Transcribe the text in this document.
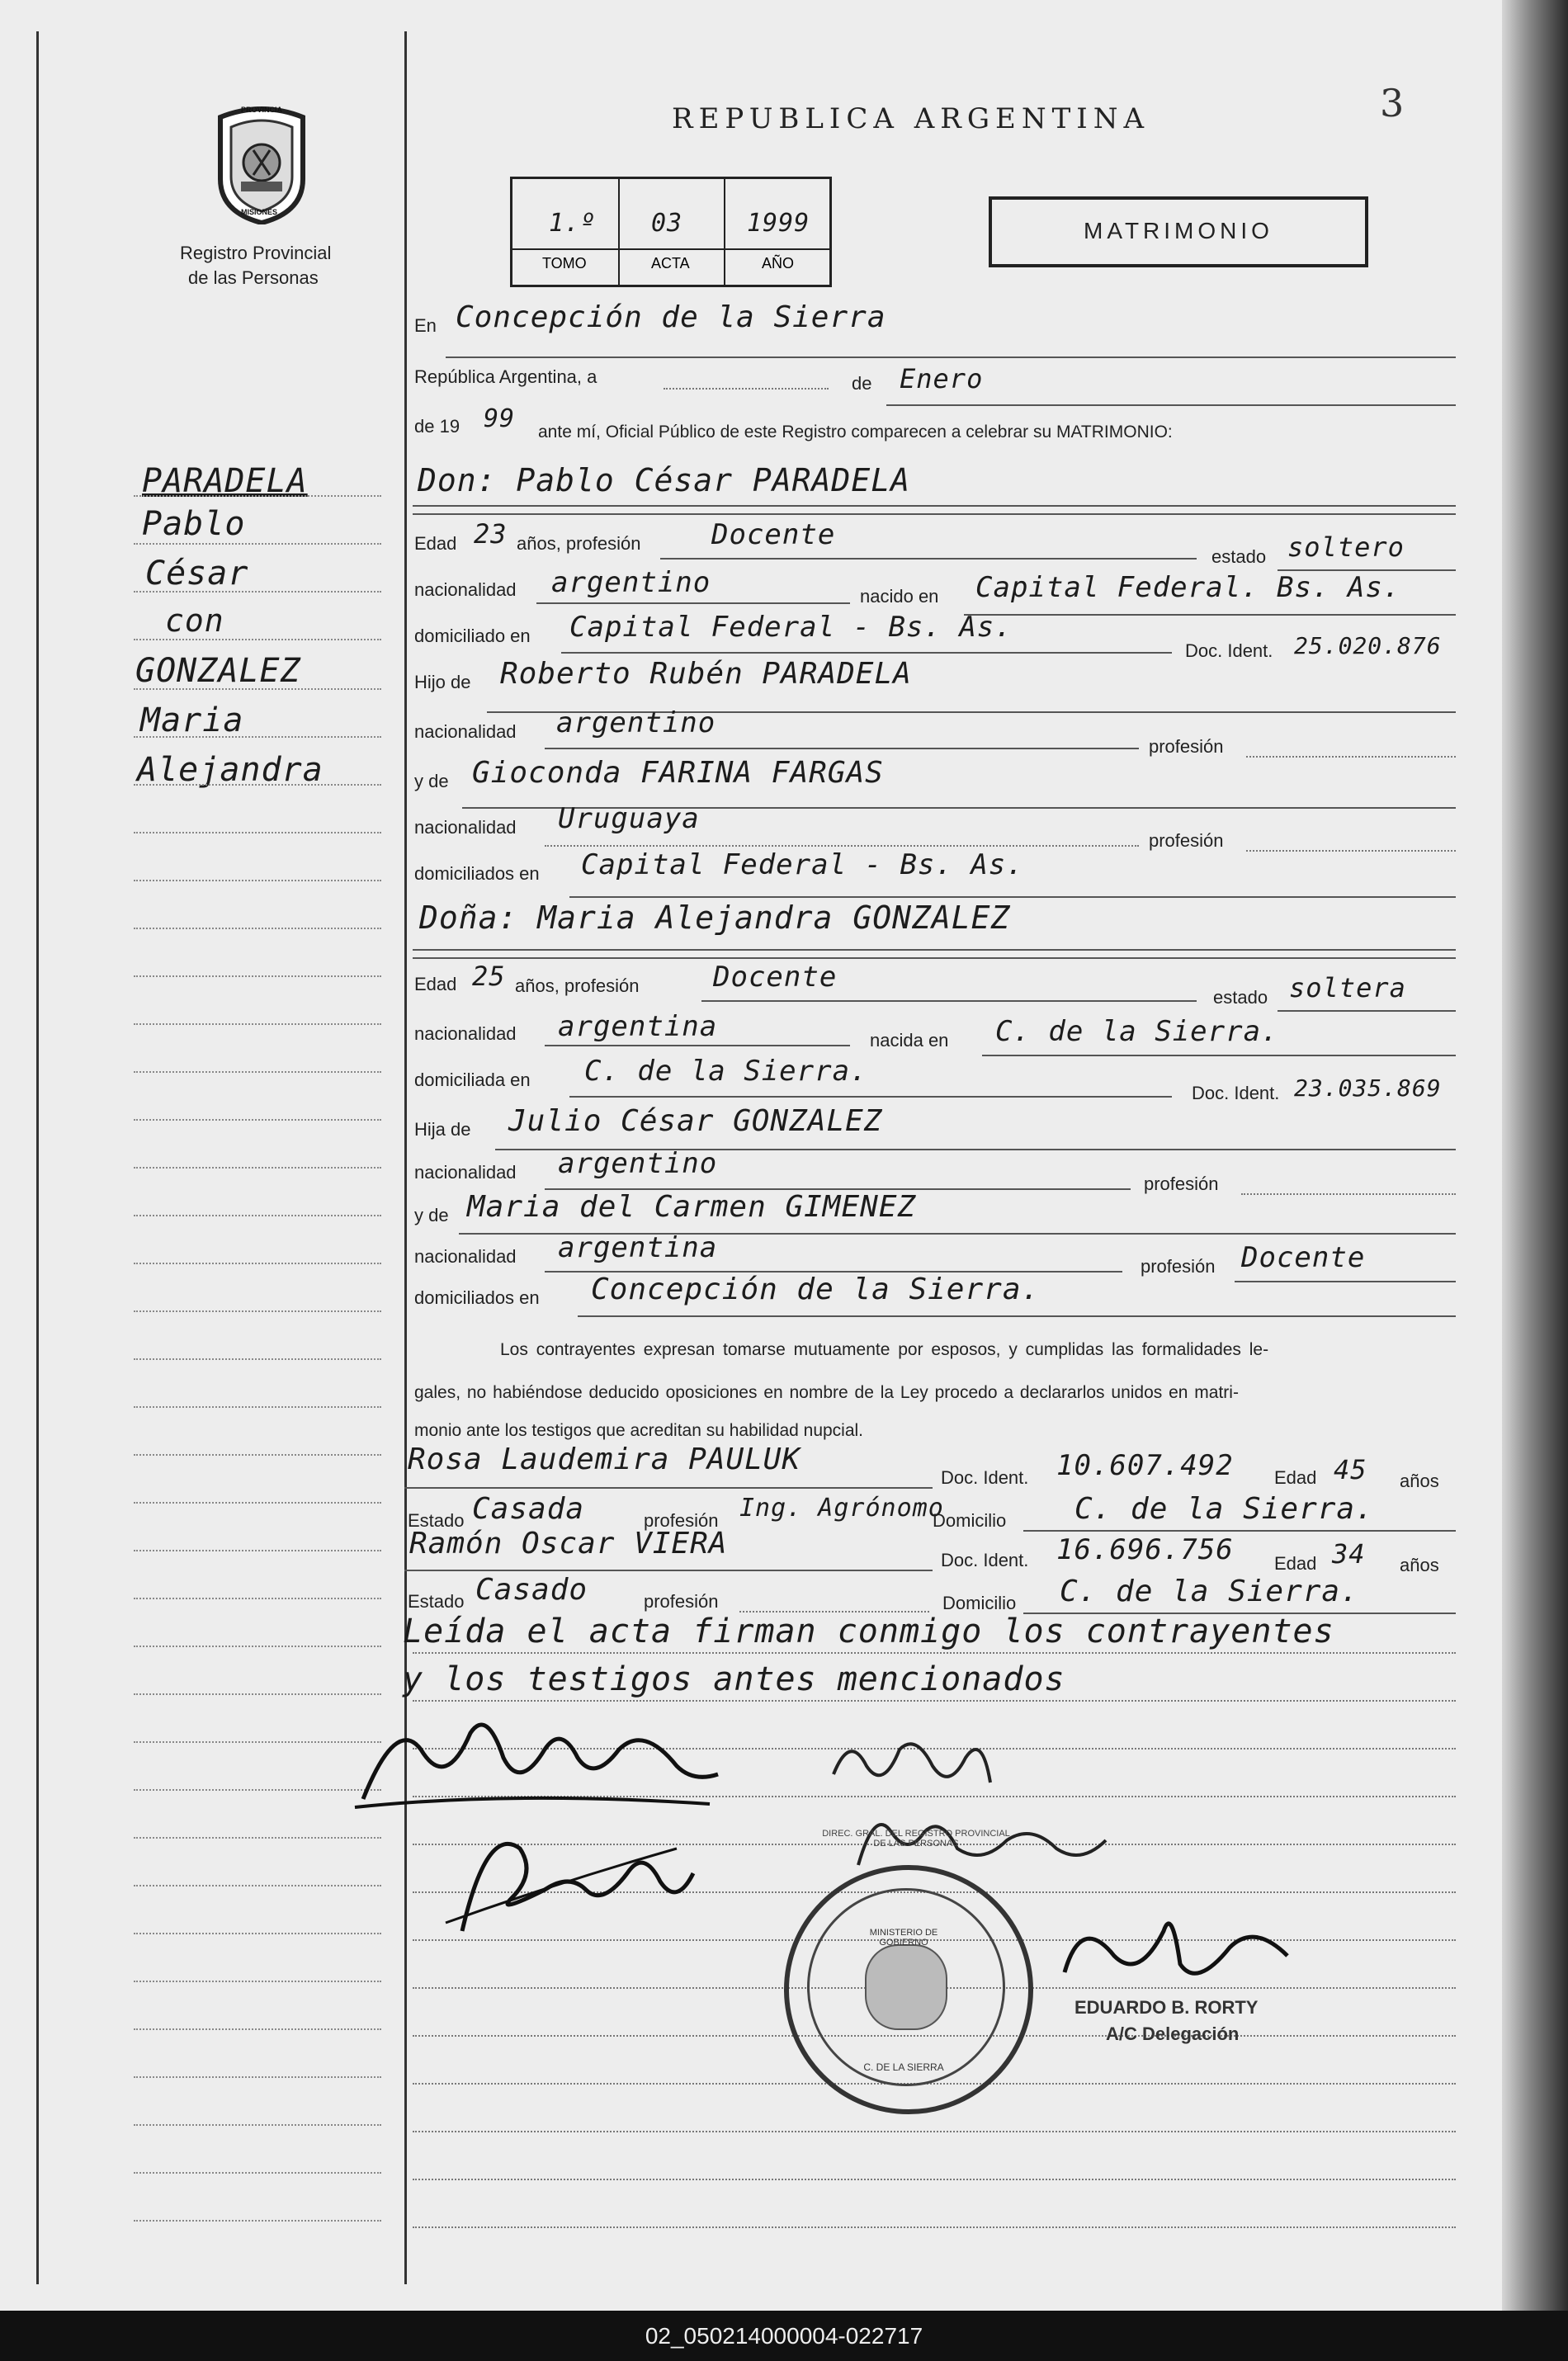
3
PROVINCIA
MISIONES
Registro Provincial
de las Personas
REPUBLICA ARGENTINA
1.º
TOMO
03
ACTA
1999
AÑO
MATRIMONIO
PARADELA
Pablo
César
con
GONZALEZ
Maria
Alejandra
En Concepción de la Sierra
República Argentina, a	de Enero
de 19 99 ante mí, Oficial Público de este Registro comparecen a celebrar su MATRIMONIO:
Don: Pablo César PARADELA
Edad 23 años, profesión	Docente
estado soltero
nacionalidad argentino	nacido en Capital Federal. Bs. As.
domiciliado en Capital Federal - Bs. As.
Doc. Ident. 25.020.876
Hijo de Roberto Rubén PARADELA
nacionalidad argentino
profesión
y de Gioconda FARINA FARGAS
nacionalidad Uruguaya
profesión
domiciliados en Capital Federal - Bs. As.
Doña: Maria Alejandra GONZALEZ
Edad 25 años, profesión	Docente
estado soltera
nacionalidad argentina	nacida en C. de la Sierra.
domiciliada en C. de la Sierra.
Doc. Ident. 23.035.869
Hija de Julio César GONZALEZ
nacionalidad argentino
profesión
y de Maria del Carmen GIMENEZ
nacionalidad argentina
profesión Docente
domiciliados en Concepción de la Sierra.
Los contrayentes expresan tomarse mutuamente por esposos, y cumplidas las formalidades le-
gales, no habiéndose deducido oposiciones en nombre de la Ley procedo a declararlos unidos en matri-
monio ante los testigos que acreditan su habilidad nupcial.
Rosa Laudemira PAULUK
Doc. Ident. 10.607.492 Edad 45 años
Estado Casada	profesión Ing. Agrónomo
Domicilio C. de la Sierra.
Ramón Oscar VIERA	Doc. Ident. 16.696.756 Edad 34 años
Estado Casado	profesión	Domicilio C. de la Sierra.
Leída el acta firman conmigo los contrayentes
y los testigos antes mencionados
EDUARDO B. RORTY
A/C Delegación
DIREC. GRAL. DEL REGISTRO PROVINCIAL DE LAS PERSONAS
MINISTERIO DE GOBIERNO
C. DE LA SIERRA
02_050214000004-022717
